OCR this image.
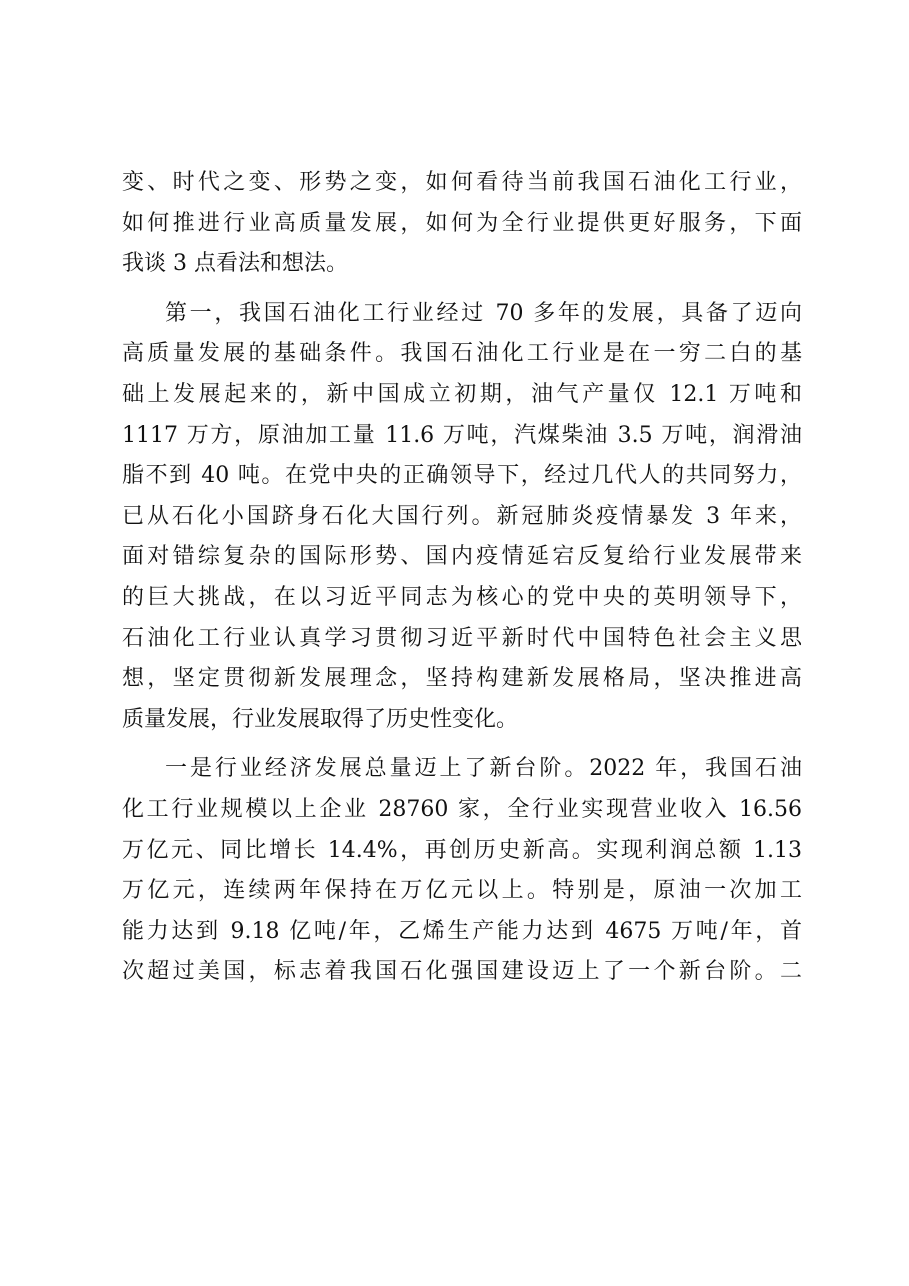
变、时代之变、形势之变，如何看待当前我国石油化工行业，
如何推进行业高质量发展，如何为全行业提供更好服务，下面
我谈 3 点看法和想法。
第一，我国石油化工行业经过 70 多年的发展，具备了迈向
高质量发展的基础条件。我国石油化工行业是在一穷二白的基
础上发展起来的，新中国成立初期，油气产量仅 12.1 万吨和
1117 万方，原油加工量 11.6 万吨，汽煤柴油 3.5 万吨，润滑油
脂不到 40 吨。在党中央的正确领导下，经过几代人的共同努力，
已从石化小国跻身石化大国行列。新冠肺炎疫情暴发 3 年来，
面对错综复杂的国际形势、国内疫情延宕反复给行业发展带来
的巨大挑战，在以习近平同志为核心的党中央的英明领导下，
石油化工行业认真学习贯彻习近平新时代中国特色社会主义思
想，坚定贯彻新发展理念，坚持构建新发展格局，坚决推进高
质量发展，行业发展取得了历史性变化。
一是行业经济发展总量迈上了新台阶。2022 年，我国石油
化工行业规模以上企业 28760 家，全行业实现营业收入 16.56
万亿元、同比增长 14.4%，再创历史新高。实现利润总额 1.13
万亿元，连续两年保持在万亿元以上。特别是，原油一次加工
能力达到 9.18 亿吨/年，乙烯生产能力达到 4675 万吨/年，首
次超过美国，标志着我国石化强国建设迈上了一个新台阶。二
